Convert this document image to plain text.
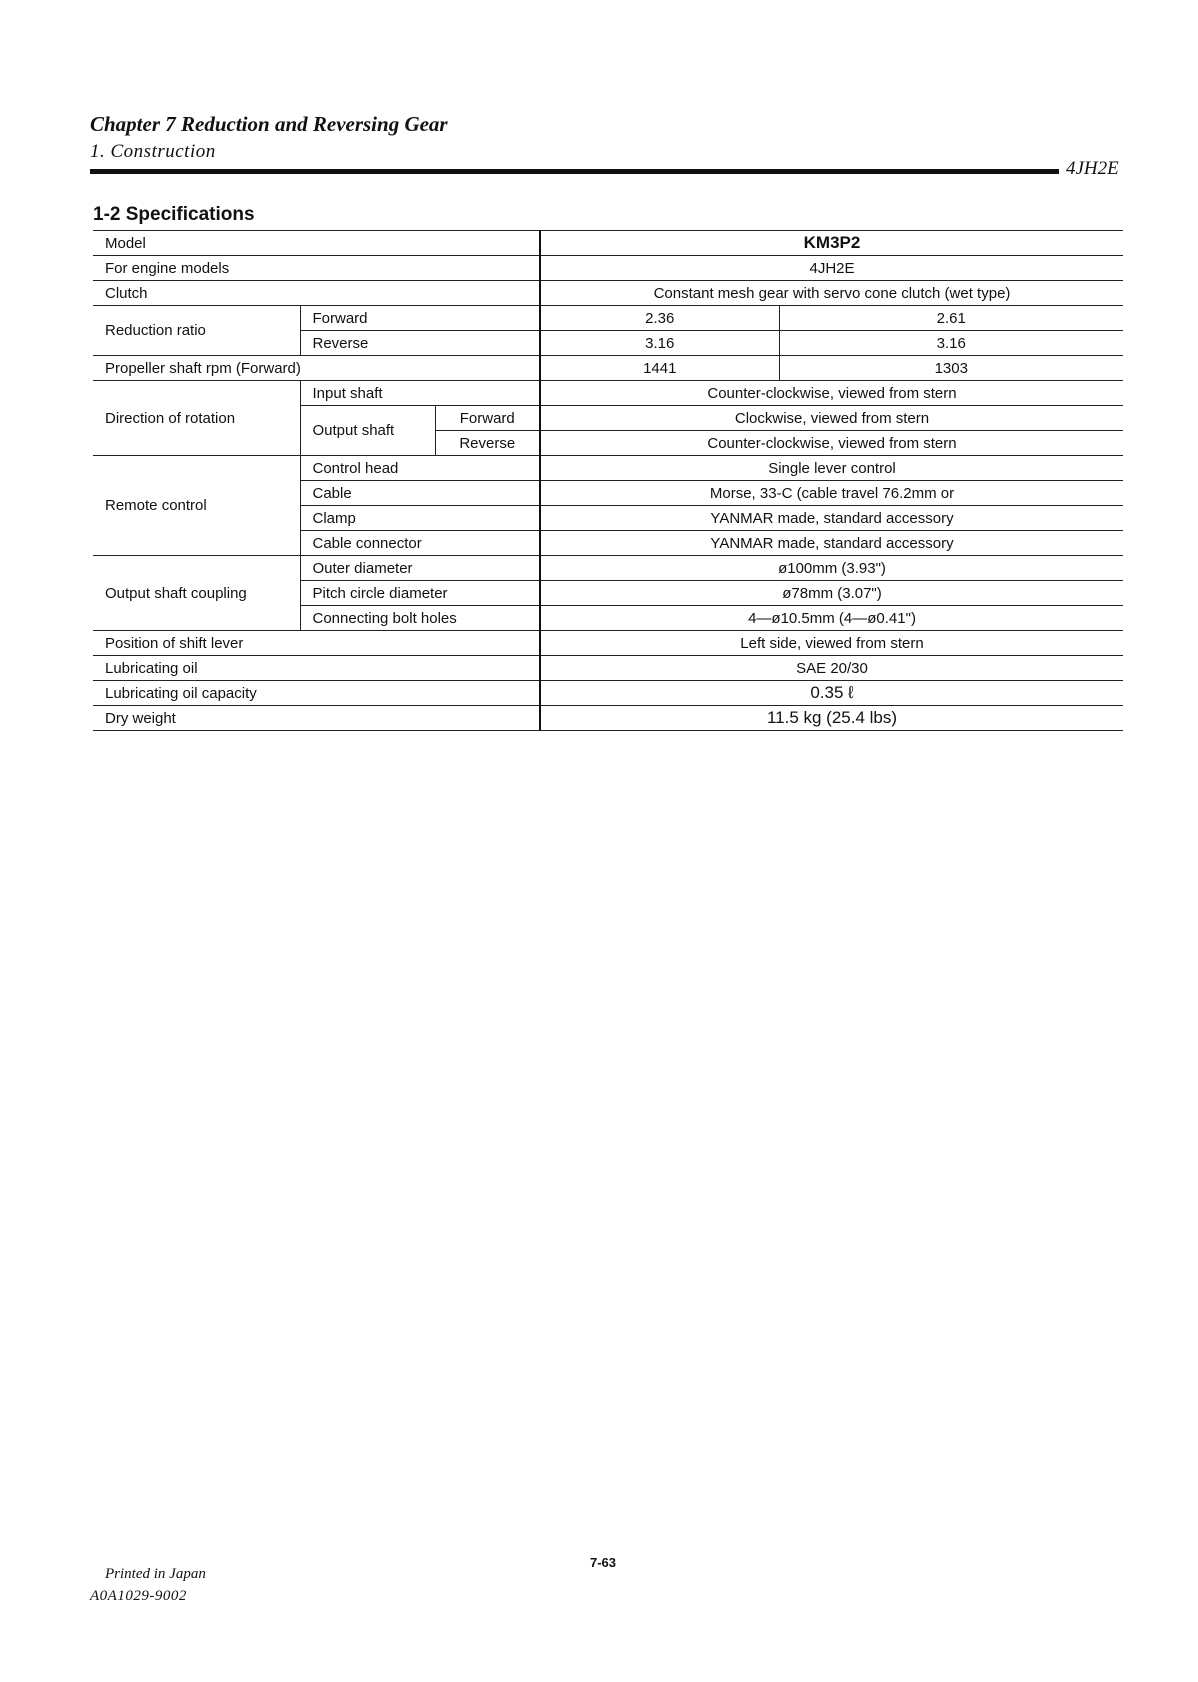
Chapter 7 Reduction and Reversing Gear
1. Construction
4JH2E
1-2 Specifications
Model			KM3P2	
For engine models			4JH2E	
Clutch			Constant mesh gear with servo cone clutch (wet type)	
Reduction ratio	Forward		2.36	2.61
	Reverse		3.16	3.16
Propeller shaft rpm (Forward)			1441	1303
Direction of rotation	Input shaft		Counter-clockwise, viewed from stern	
	Output shaft	Forward	Clockwise, viewed from stern	
		Reverse	Counter-clockwise, viewed from stern	
Remote control	Control head		Single lever control	
	Cable		Morse, 33-C (cable travel 76.2mm or	
	Clamp		YANMAR made, standard accessory	
	Cable connector		YANMAR made, standard accessory	
Output shaft coupling	Outer diameter		ø100mm (3.93")	
	Pitch circle diameter		ø78mm (3.07")	
	Connecting bolt holes		4—ø10.5mm (4—ø0.41")	
Position of shift lever			Left side, viewed from stern	
Lubricating oil			SAE 20/30	
Lubricating oil capacity			0.35 ℓ	
Dry weight			11.5 kg (25.4 lbs)	
7-63
Printed in Japan
A0A1029-9002
